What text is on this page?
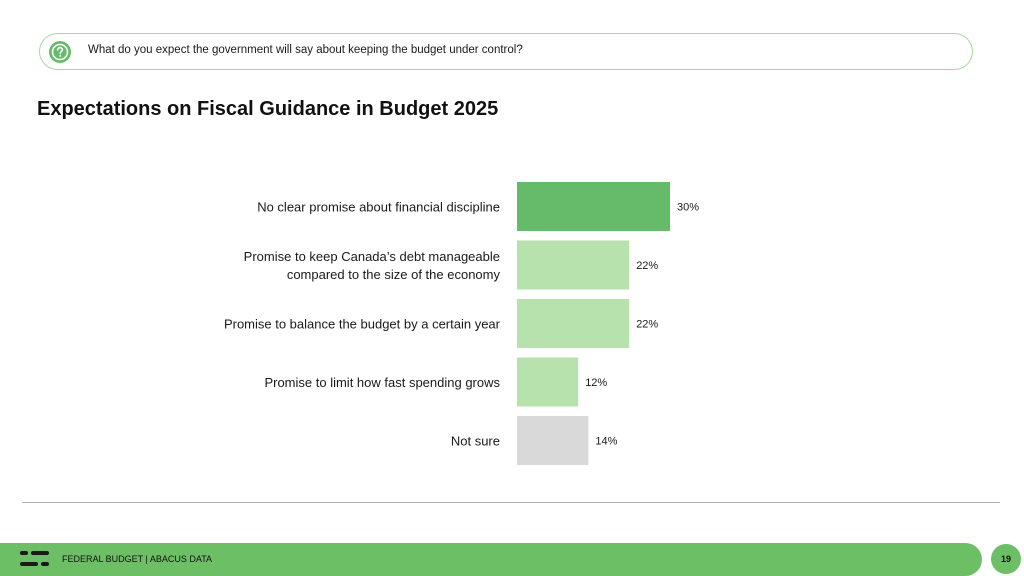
What do you expect the government will say about keeping the budget under control?
Expectations on Fiscal Guidance in Budget 2025
30%
No clear promise about financial discipline
22%
Promise to keep Canada’s debt manageable
compared to the size of the economy
22%
Promise to balance the budget by a certain year
12%
Promise to limit how fast spending grows
14%
Not sure
FEDERAL BUDGET | ABACUS DATA	19
